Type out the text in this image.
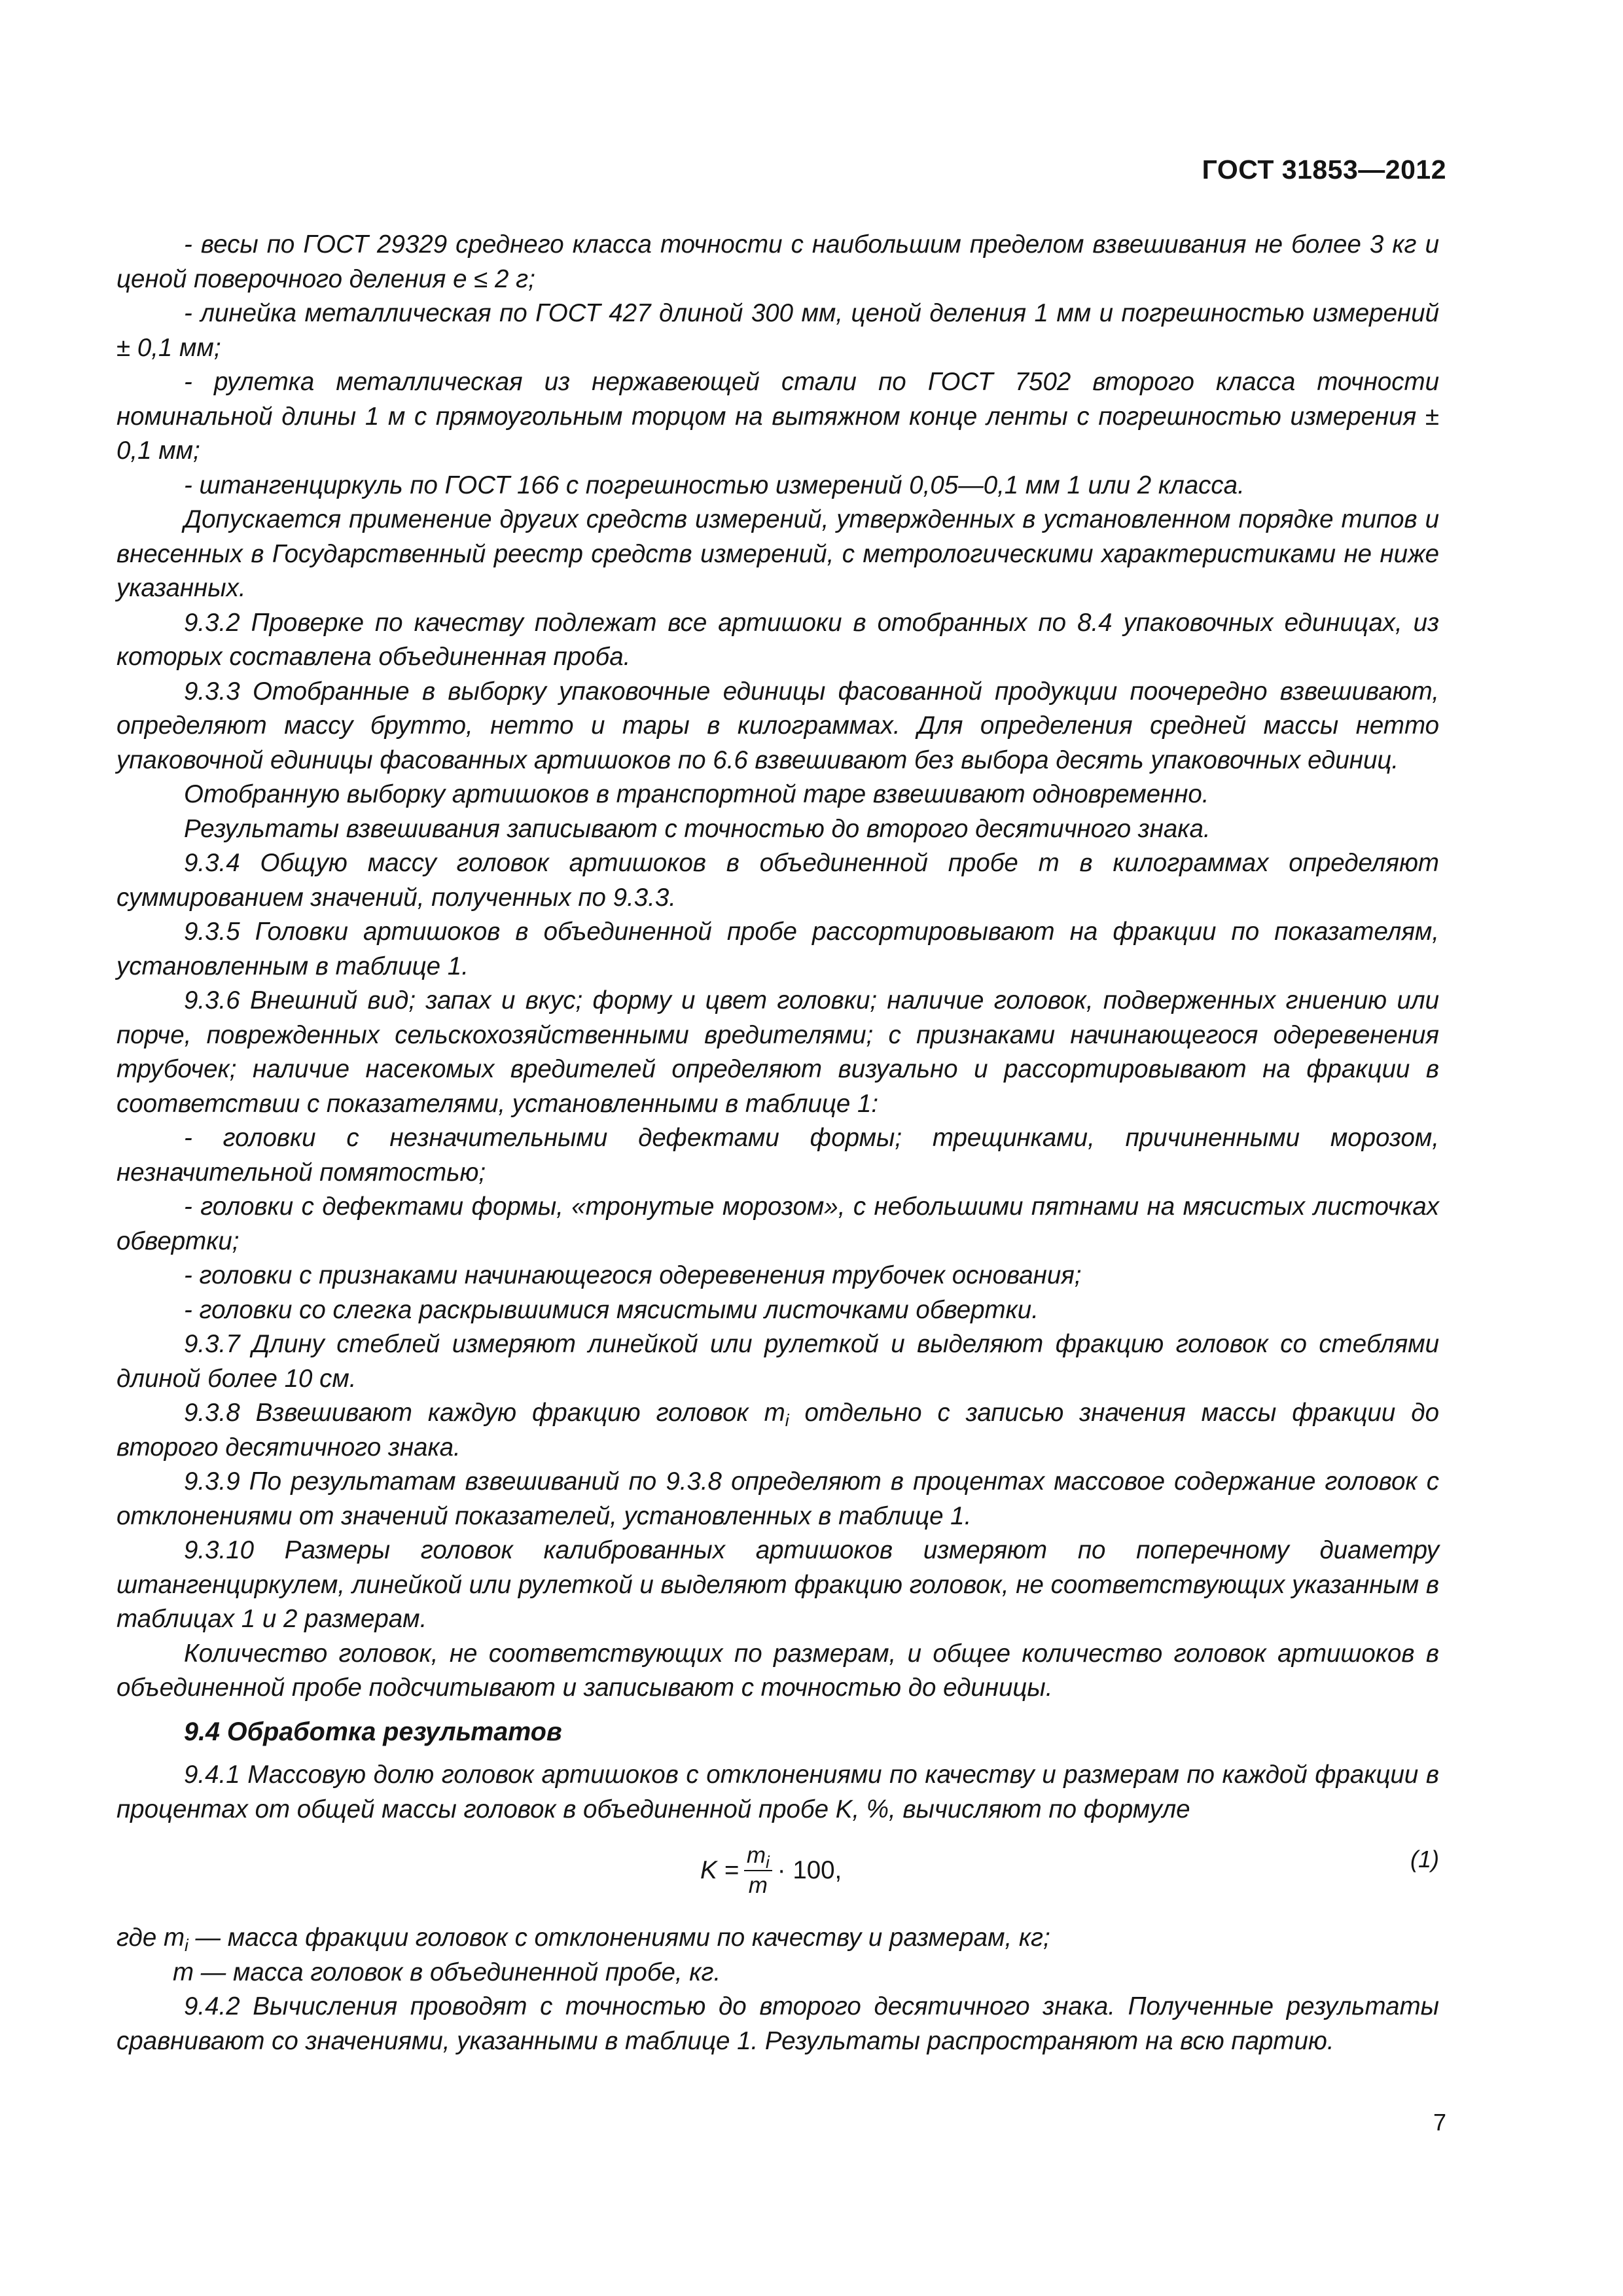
ГОСТ 31853—2012

- весы по ГОСТ 29329 среднего класса точности с наибольшим пределом взвешивания не более 3 кг и ценой поверочного деления e ≤ 2 г;

- линейка металлическая по ГОСТ 427 длиной 300 мм, ценой деления 1 мм и погрешностью измерений ± 0,1 мм;

- рулетка металлическая из нержавеющей стали по ГОСТ 7502 второго класса точности номинальной длины 1 м с прямоугольным торцом на вытяжном конце ленты с погрешностью измерения ± 0,1 мм;

- штангенциркуль по ГОСТ 166 с погрешностью измерений 0,05—0,1 мм 1 или 2 класса.

Допускается применение других средств измерений, утвержденных в установленном порядке типов и внесенных в Государственный реестр средств измерений, с метрологическими характеристиками не ниже указанных.

9.3.2 Проверке по качеству подлежат все артишоки в отобранных по 8.4 упаковочных единицах, из которых составлена объединенная проба.

9.3.3 Отобранные в выборку упаковочные единицы фасованной продукции поочередно взвешивают, определяют массу брутто, нетто и тары в килограммах. Для определения средней массы нетто упаковочной единицы фасованных артишоков по 6.6 взвешивают без выбора десять упаковочных единиц.

Отобранную выборку артишоков в транспортной таре взвешивают одновременно.

Результаты взвешивания записывают с точностью до второго десятичного знака.

9.3.4 Общую массу головок артишоков в объединенной пробе m в килограммах определяют суммированием значений, полученных по 9.3.3.

9.3.5 Головки артишоков в объединенной пробе рассортировывают на фракции по показателям, установленным в таблице 1.

9.3.6 Внешний вид; запах и вкус; форму и цвет головки; наличие головок, подверженных гниению или порче, поврежденных сельскохозяйственными вредителями; с признаками начинающегося одеревенения трубочек; наличие насекомых вредителей определяют визуально и рассортировывают на фракции в соответствии с показателями, установленными в таблице 1:

- головки с незначительными дефектами формы; трещинками, причиненными морозом, незначительной помятостью;

- головки с дефектами формы, «тронутые морозом», с небольшими пятнами на мясистых листочках обвертки;

- головки с признаками начинающегося одеревенения трубочек основания;

- головки со слегка раскрывшимися мясистыми листочками обвертки.

9.3.7 Длину стеблей измеряют линейкой или рулеткой и выделяют фракцию головок со стеблями длиной более 10 см.

9.3.8 Взвешивают каждую фракцию головок $m_i$ отдельно с записью значения массы фракции до второго десятичного знака.

9.3.9 По результатам взвешиваний по 9.3.8 определяют в процентах массовое содержание головок с отклонениями от значений показателей, установленных в таблице 1.

9.3.10 Размеры головок калиброванных артишоков измеряют по поперечному диаметру штангенциркулем, линейкой или рулеткой и выделяют фракцию головок, не соответствующих указанным в таблицах 1 и 2 размерам.

Количество головок, не соответствующих по размерам, и общее количество головок артишоков в объединенной пробе подсчитывают и записывают с точностью до единицы.

9.4 Обработка результатов

9.4.1 Массовую долю головок артишоков с отклонениями по качеству и размерам по каждой фракции в процентах от общей массы головок в объединенной пробе K, %, вычисляют по формуле

$K = \frac{m_i}{m} \cdot 100$,	(1)

где $m_i$ — масса фракции головок с отклонениями по качеству и размерам, кг;

m — масса головок в объединенной пробе, кг.

9.4.2 Вычисления проводят с точностью до второго десятичного знака. Полученные результаты сравнивают со значениями, указанными в таблице 1. Результаты распространяют на всю партию.

7
